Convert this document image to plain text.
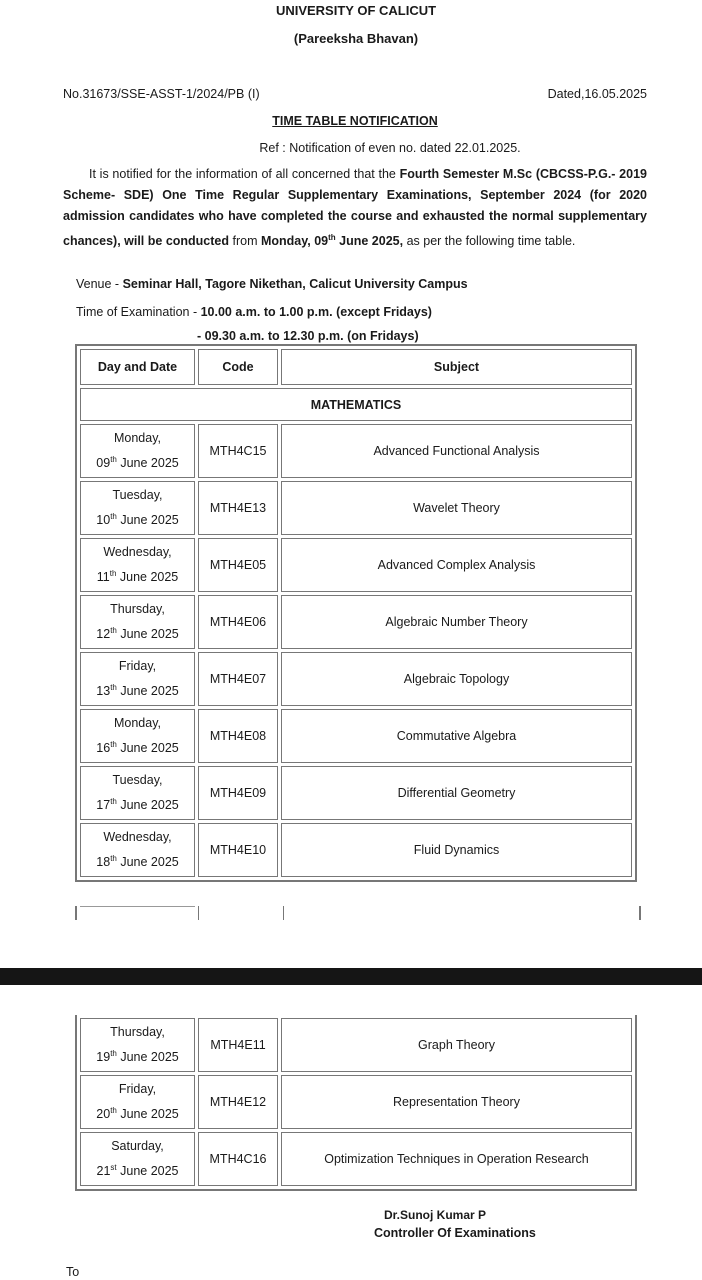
UNIVERSITY OF CALICUT
(Pareeksha Bhavan)
No.31673/SSE-ASST-1/2024/PB (I)	Dated,16.05.2025
TIME TABLE NOTIFICATION
Ref : Notification of even no. dated 22.01.2025.
It is notified for the information of all concerned that the Fourth Semester M.Sc (CBCSS-P.G.- 2019 Scheme- SDE) One Time Regular Supplementary Examinations, September 2024 (for 2020 admission candidates who have completed the course and exhausted the normal supplementary chances), will be conducted from Monday, 09th June 2025, as per the following time table.
Venue - Seminar Hall, Tagore Nikethan, Calicut University Campus
Time of Examination - 10.00 a.m. to 1.00 p.m. (except Fridays)
- 09.30 a.m. to 12.30 p.m. (on Fridays)
Day and Date	Code	Subject
MATHEMATICS		
Monday,
09th June 2025	MTH4C15	Advanced Functional Analysis
Tuesday,
10th June 2025	MTH4E13	Wavelet Theory
Wednesday,
11th June 2025	MTH4E05	Advanced Complex Analysis
Thursday,
12th June 2025	MTH4E06	Algebraic Number Theory
Friday,
13th June 2025	MTH4E07	Algebraic Topology
Monday,
16th June 2025	MTH4E08	Commutative Algebra
Tuesday,
17th June 2025	MTH4E09	Differential Geometry
Wednesday,
18th June 2025	MTH4E10	Fluid Dynamics
Thursday,
19th June 2025	MTH4E11	Graph Theory
Friday,
20th June 2025	MTH4E12	Representation Theory
Saturday,
21st June 2025	MTH4C16	Optimization Techniques in Operation Research
Dr.Sunoj Kumar P
Controller Of Examinations
To
